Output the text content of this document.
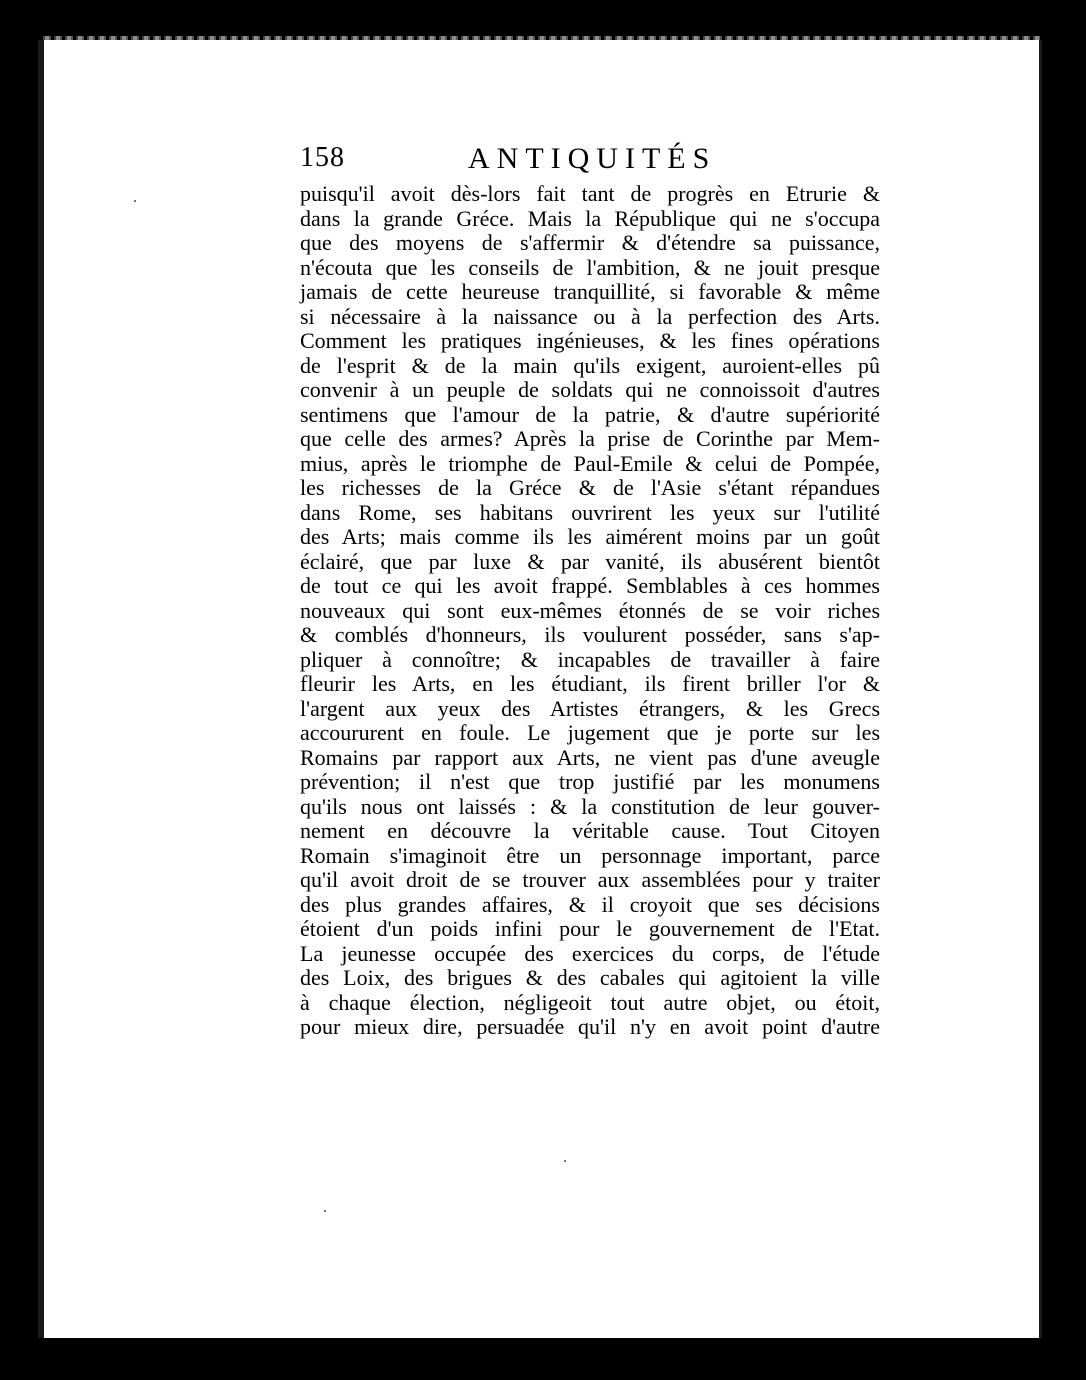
158	ANTIQUITÉS
puisqu'il avoit dès-lors fait tant de progrès en Etrurie &
dans la grande Gréce. Mais la République qui ne s'occupa
que des moyens de s'affermir & d'étendre sa puissance,
n'écouta que les conseils de l'ambition, & ne jouit presque
jamais de cette heureuse tranquillité, si favorable & même
si nécessaire à la naissance ou à la perfection des Arts.
Comment les pratiques ingénieuses, & les fines opérations
de l'esprit & de la main qu'ils exigent, auroient-elles pû
convenir à un peuple de soldats qui ne connoissoit d'autres
sentimens que l'amour de la patrie, & d'autre supériorité
que celle des armes? Après la prise de Corinthe par Mem-
mius, après le triomphe de Paul-Emile & celui de Pompée,
les richesses de la Gréce & de l'Asie s'étant répandues
dans Rome, ses habitans ouvrirent les yeux sur l'utilité
des Arts; mais comme ils les aimérent moins par un goût
éclairé, que par luxe & par vanité, ils abusérent bientôt
de tout ce qui les avoit frappé. Semblables à ces hommes
nouveaux qui sont eux-mêmes étonnés de se voir riches
& comblés d'honneurs, ils voulurent posséder, sans s'ap-
pliquer à connoître; & incapables de travailler à faire
fleurir les Arts, en les étudiant, ils firent briller l'or &
l'argent aux yeux des Artistes étrangers, & les Grecs
accoururent en foule. Le jugement que je porte sur les
Romains par rapport aux Arts, ne vient pas d'une aveugle
prévention; il n'est que trop justifié par les monumens
qu'ils nous ont laissés : & la constitution de leur gouver-
nement en découvre la véritable cause. Tout Citoyen
Romain s'imaginoit être un personnage important, parce
qu'il avoit droit de se trouver aux assemblées pour y traiter
des plus grandes affaires, & il croyoit que ses décisions
étoient d'un poids infini pour le gouvernement de l'Etat.
La jeunesse occupée des exercices du corps, de l'étude
des Loix, des brigues & des cabales qui agitoient la ville
à chaque élection, négligeoit tout autre objet, ou étoit,
pour mieux dire, persuadée qu'il n'y en avoit point d'autre
